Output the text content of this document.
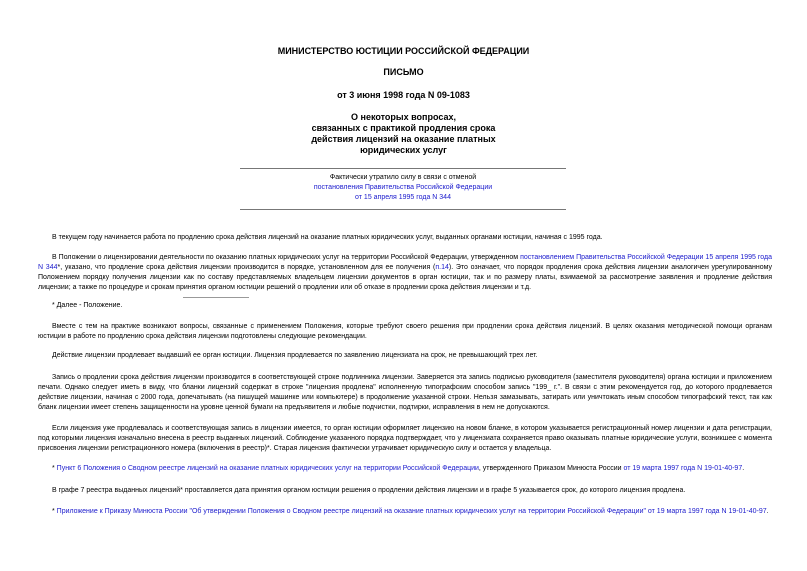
МИНИСТЕРСТВО ЮСТИЦИИ РОССИЙСКОЙ ФЕДЕРАЦИИ
ПИСЬМО
от 3 июня 1998 года N 09-1083
О некоторых вопросах,
связанных с практикой продления срока
действия лицензий на оказание платных
юридических услуг
Фактически утратило силу в связи с отменой
постановления Правительства Российской Федерации
от 15 апреля 1995 года N 344
В текущем году начинается работа по продлению срока действия лицензий на оказание платных юридических услуг, выданных органами юстиции, начиная с 1995 года.
В Положении о лицензировании деятельности по оказанию платных юридических услуг на территории Российской Федерации, утвержденном постановлением Правительства Российской Федерации 15 апреля 1995 года N 344*, указано, что продление срока действия лицензии производится в порядке, установленном для ее получения (п.14). Это означает, что порядок продления срока действия лицензии аналогичен урегулированному Положением порядку получения лицензии как по составу представляемых владельцем лицензии документов в орган юстиции, так и по размеру платы, взимаемой за рассмотрение заявления и продление действия лицензии; а также по процедуре и срокам принятия органом юстиции решений о продлении или об отказе в продлении срока действия лицензии и т.д.
* Далее - Положение.
Вместе с тем на практике возникают вопросы, связанные с применением Положения, которые требуют своего решения при продлении срока действия лицензий. В целях оказания методической помощи органам юстиции в работе по продлению срока действия лицензии подготовлены следующие рекомендации.
Действие лицензии продлевает выдавший ее орган юстиции. Лицензия продлевается по заявлению лицензиата на срок, не превышающий трех лет.
Запись о продлении срока действия лицензии производится в соответствующей строке подлинника лицензии. Заверяется эта запись подписью руководителя (заместителя руководителя) органа юстиции и приложением печати. Однако следует иметь в виду, что бланки лицензий содержат в строке "лицензия продлена" исполненную типографским способом запись "199_ г.". В связи с этим рекомендуется год, до которого продлевается действие лицензии, начиная с 2000 года, допечатывать (на пишущей машинке или компьютере) в продолжение указанной строки. Нельзя замазывать, затирать или уничтожать иным способом типографский текст, так как бланк лицензии имеет степень защищенности на уровне ценной бумаги на предъявителя и любые подчистки, подтирки, исправления в нем не допускаются.
Если лицензия уже продлевалась и соответствующая запись в лицензии имеется, то орган юстиции оформляет лицензию на новом бланке, в котором указывается регистрационный номер лицензии и дата регистрации, под которыми лицензия изначально внесена в реестр выданных лицензий. Соблюдение указанного порядка подтверждает, что у лицензиата сохраняется право оказывать платные юридические услуги, возникшее с момента присвоения лицензии регистрационного номера (включения в реестр)*. Старая лицензия фактически утрачивает юридическую силу и остается у владельца.
* Пункт 6 Положения о Сводном реестре лицензий на оказание платных юридических услуг на территории Российской Федерации, утвержденного Приказом Минюста России от 19 марта 1997 года N 19-01-40-97.
В графе 7 реестра выданных лицензий* проставляется дата принятия органом юстиции решения о продлении действия лицензии и в графе 5 указывается срок, до которого лицензия продлена.
* Приложение к Приказу Минюста России "Об утверждении Положения о Сводном реестре лицензий на оказание платных юридических услуг на территории Российской Федерации" от 19 марта 1997 года N 19-01-40-97.
